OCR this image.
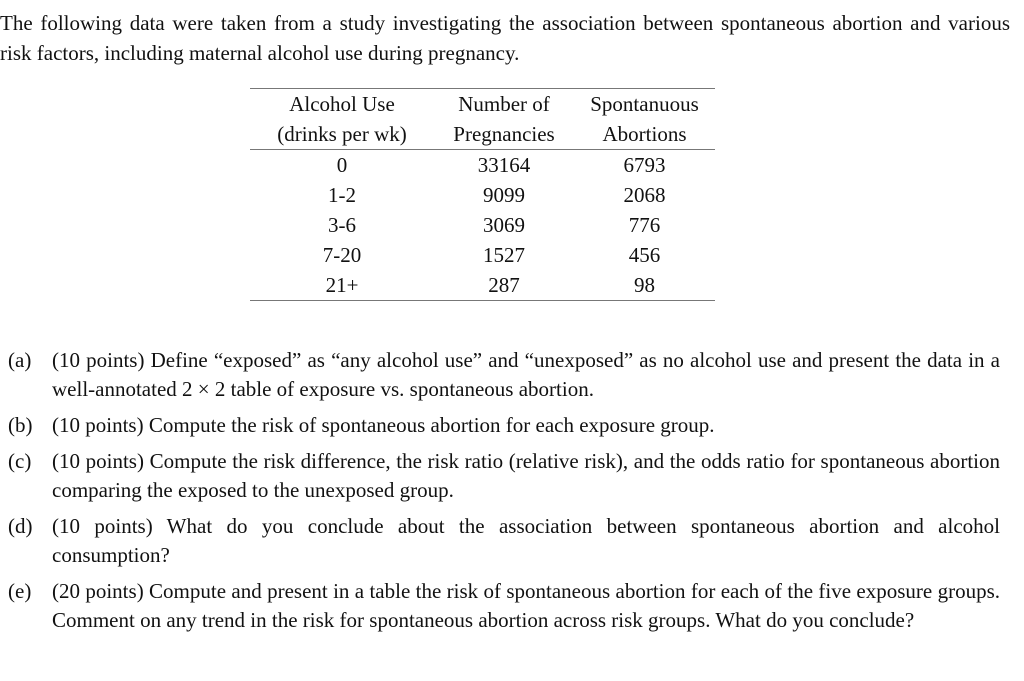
The following data were taken from a study investigating the association between spontaneous abortion and various risk factors, including maternal alcohol use during pregnancy.

Alcohol Use	Number of	Spontanuous
(drinks per wk)	Pregnancies	Abortions
0	33164	6793
1-2	9099	2068
3-6	3069	776
7-20	1527	456
21+	287	98
(a) (10 points) Define “exposed” as “any alcohol use” and “unexposed” as no alcohol use and present the data in a well-annotated 2 × 2 table of exposure vs. spontaneous abortion.
(b) (10 points) Compute the risk of spontaneous abortion for each exposure group.
(c) (10 points) Compute the risk difference, the risk ratio (relative risk), and the odds ratio for spontaneous abortion comparing the exposed to the unexposed group.
(d) (10 points) What do you conclude about the association between spontaneous abortion and alcohol consumption?
(e) (20 points) Compute and present in a table the risk of spontaneous abortion for each of the five exposure groups. Comment on any trend in the risk for spontaneous abortion across risk groups. What do you conclude?
